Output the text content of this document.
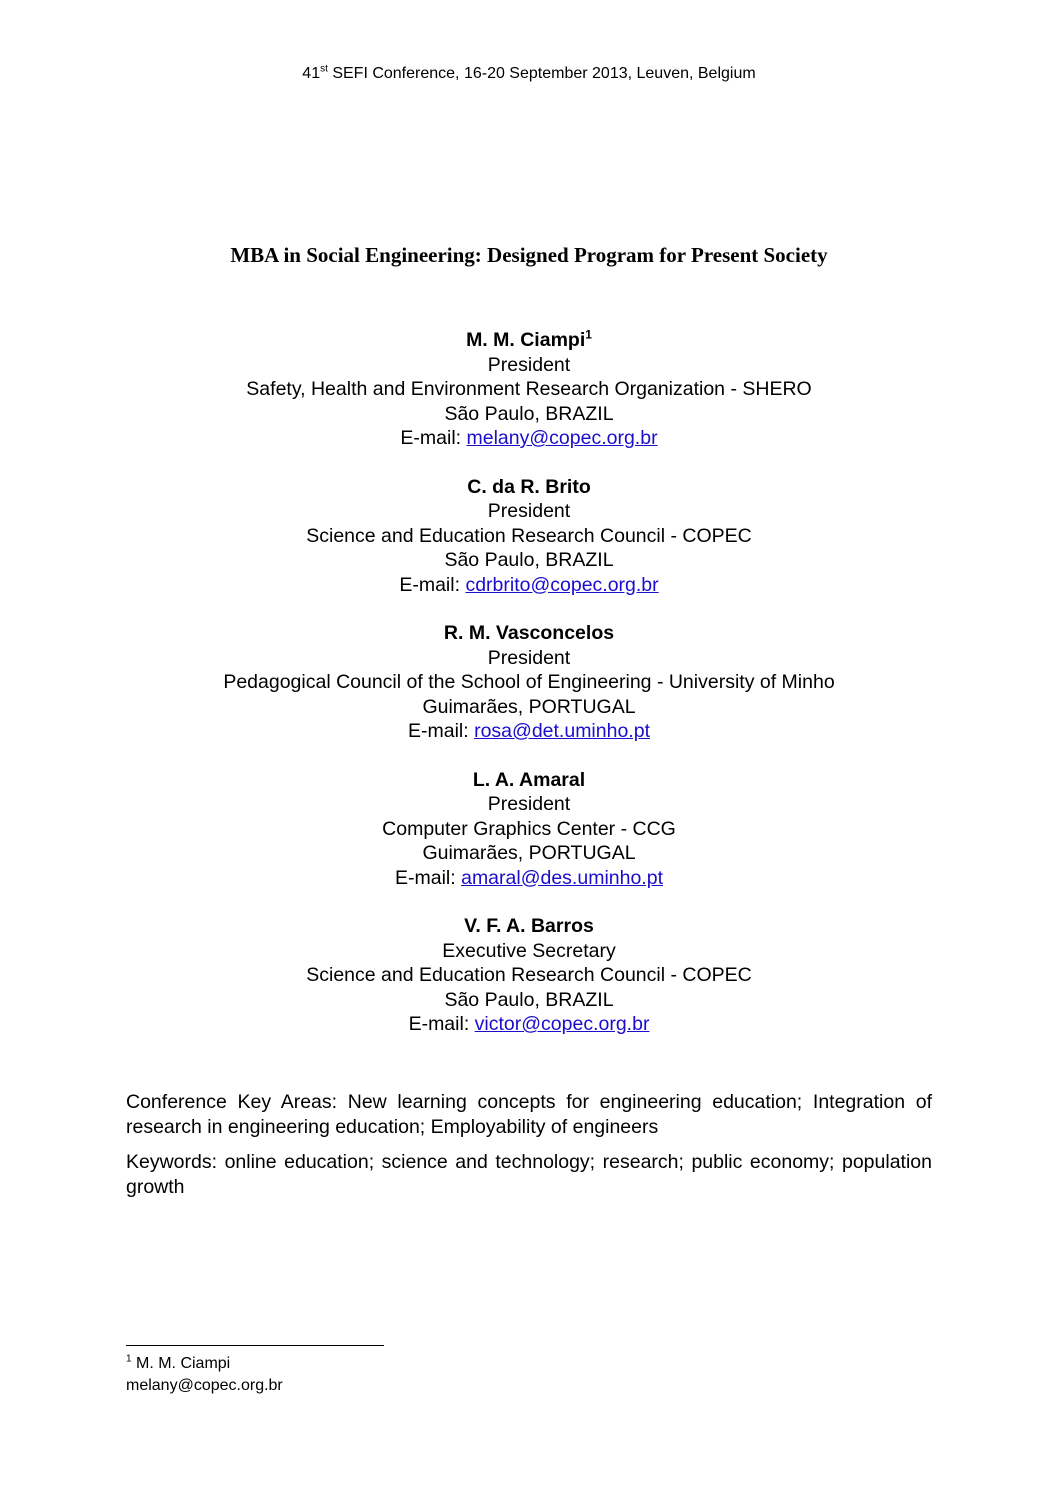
41st SEFI Conference, 16-20 September 2013, Leuven, Belgium
MBA in Social Engineering: Designed Program for Present Society
M. M. Ciampi$^1$
President
Safety, Health and Environment Research Organization - SHERO
São Paulo, BRAZIL
E-mail: melany@copec.org.br
C. da R. Brito
President
Science and Education Research Council - COPEC
São Paulo, BRAZIL
E-mail: cdrbrito@copec.org.br
R. M. Vasconcelos
President
Pedagogical Council of the School of Engineering - University of Minho
Guimarães, PORTUGAL
E-mail: rosa@det.uminho.pt
L. A. Amaral
President
Computer Graphics Center - CCG
Guimarães, PORTUGAL
E-mail: amaral@des.uminho.pt
V. F. A. Barros
Executive Secretary
Science and Education Research Council - COPEC
São Paulo, BRAZIL
E-mail: victor@copec.org.br

Conference Key Areas: New learning concepts for engineering education; Integration of research in engineering education; Employability of engineers

Keywords: online education; science and technology; research; public economy; population growth

$^1$ M. M. Ciampi
melany@copec.org.br
